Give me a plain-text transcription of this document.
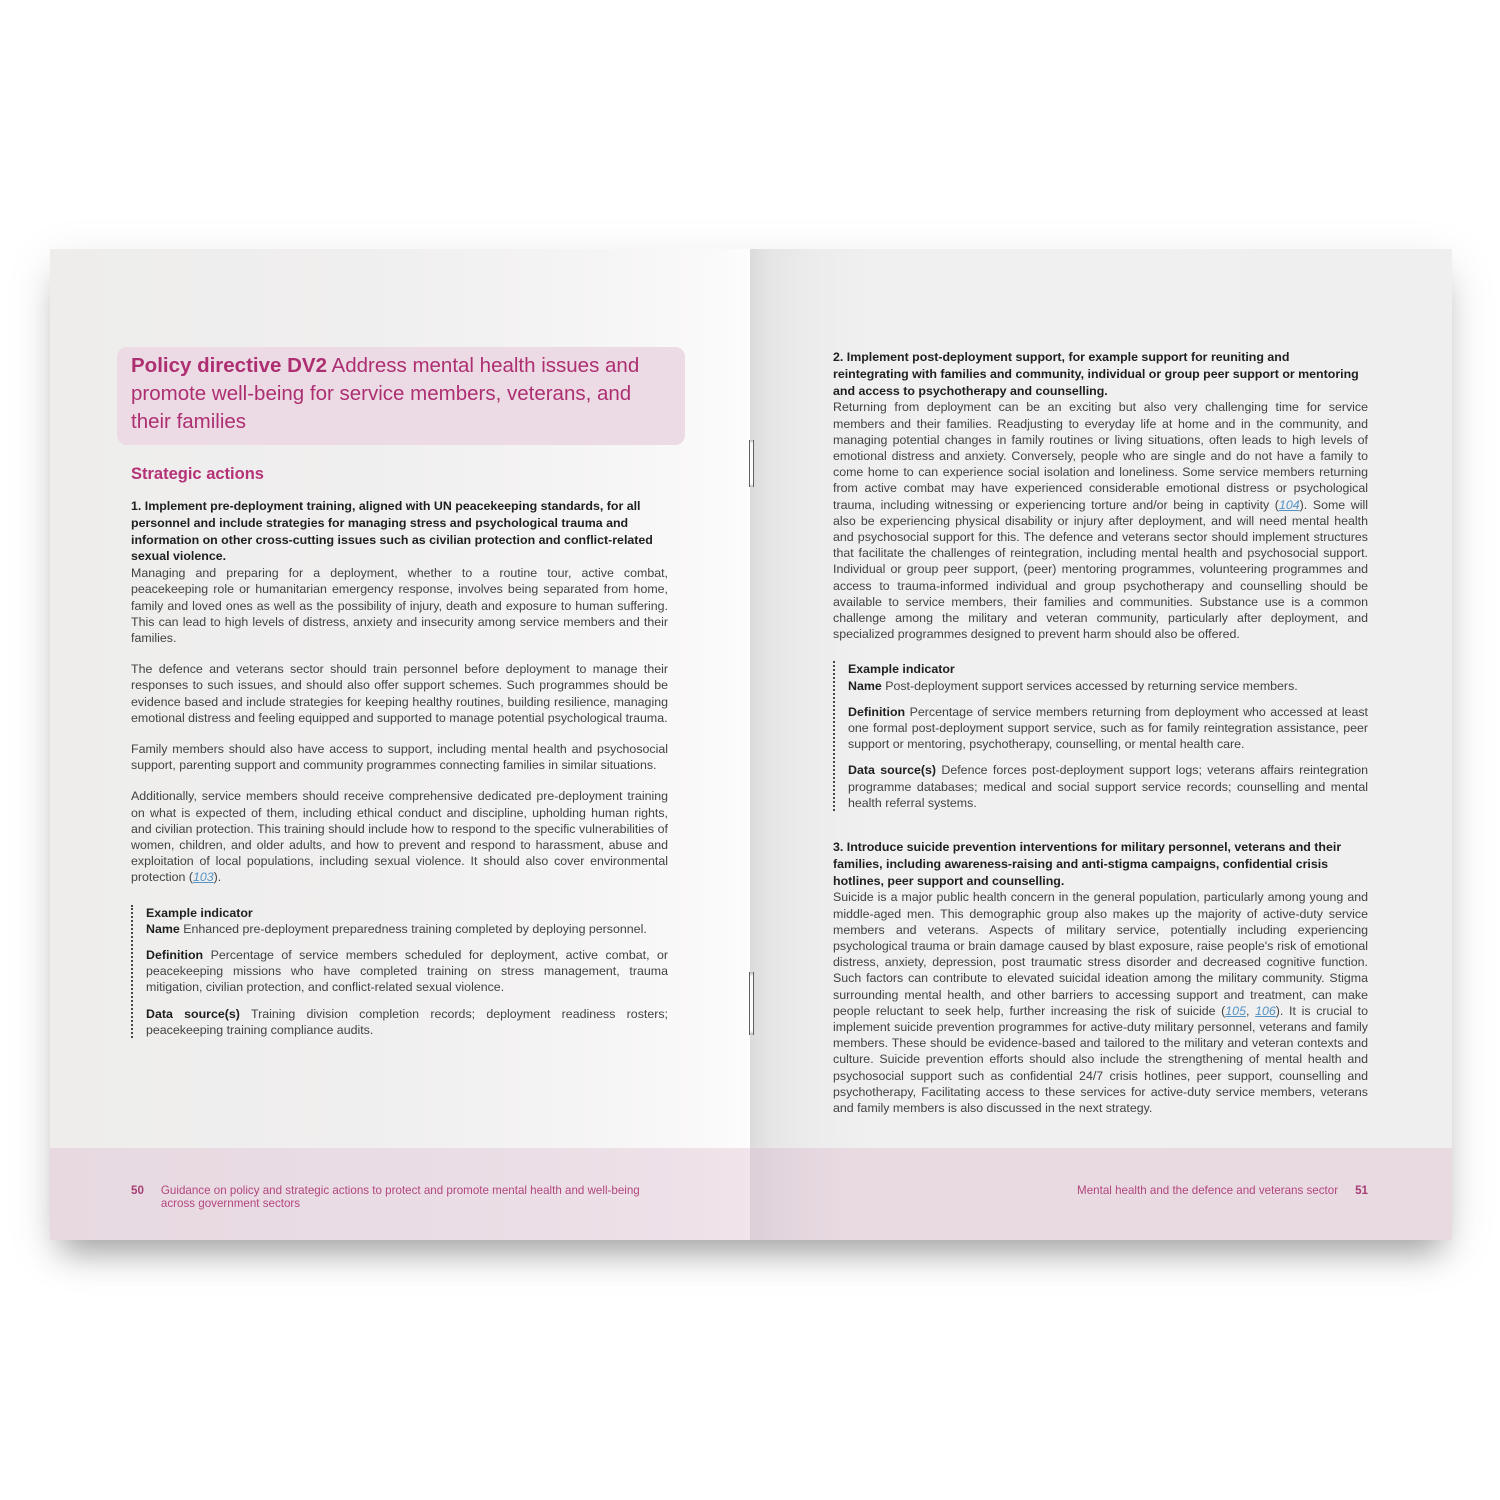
Policy directive DV2 Address mental health issues and promote well-being for service members, veterans, and their families

Strategic actions

1. Implement pre-deployment training, aligned with UN peacekeeping standards, for all personnel and include strategies for managing stress and psychological trauma and information on other cross-cutting issues such as civilian protection and conflict-related sexual violence.

Managing and preparing for a deployment, whether to a routine tour, active combat, peacekeeping role or humanitarian emergency response, involves being separated from home, family and loved ones as well as the possibility of injury, death and exposure to human suffering. This can lead to high levels of distress, anxiety and insecurity among service members and their families.

The defence and veterans sector should train personnel before deployment to manage their responses to such issues, and should also offer support schemes. Such programmes should be evidence based and include strategies for keeping healthy routines, building resilience, managing emotional distress and feeling equipped and supported to manage potential psychological trauma.

Family members should also have access to support, including mental health and psychosocial support, parenting support and community programmes connecting families in similar situations.

Additionally, service members should receive comprehensive dedicated pre-deployment training on what is expected of them, including ethical conduct and discipline, upholding human rights, and civilian protection. This training should include how to respond to the specific vulnerabilities of women, children, and older adults, and how to prevent and respond to harassment, abuse and exploitation of local populations, including sexual violence. It should also cover environmental protection (103).

Example indicator

Name Enhanced pre-deployment preparedness training completed by deploying personnel.

Definition Percentage of service members scheduled for deployment, active combat, or peacekeeping missions who have completed training on stress management, trauma mitigation, civilian protection, and conflict-related sexual violence.

Data source(s) Training division completion records; deployment readiness rosters; peacekeeping training compliance audits.

50 Guidance on policy and strategic actions to protect and promote mental health and well-being across government sectors

2. Implement post-deployment support, for example support for reuniting and reintegrating with families and community, individual or group peer support or mentoring and access to psychotherapy and counselling.

Returning from deployment can be an exciting but also very challenging time for service members and their families. Readjusting to everyday life at home and in the community, and managing potential changes in family routines or living situations, often leads to high levels of emotional distress and anxiety. Conversely, people who are single and do not have a family to come home to can experience social isolation and loneliness. Some service members returning from active combat may have experienced considerable emotional distress or psychological trauma, including witnessing or experiencing torture and/or being in captivity (104). Some will also be experiencing physical disability or injury after deployment, and will need mental health and psychosocial support for this. The defence and veterans sector should implement structures that facilitate the challenges of reintegration, including mental health and psychosocial support. Individual or group peer support, (peer) mentoring programmes, volunteering programmes and access to trauma-informed individual and group psychotherapy and counselling should be available to service members, their families and communities. Substance use is a common challenge among the military and veteran community, particularly after deployment, and specialized programmes designed to prevent harm should also be offered.

Example indicator

Name Post-deployment support services accessed by returning service members.

Definition Percentage of service members returning from deployment who accessed at least one formal post-deployment support service, such as for family reintegration assistance, peer support or mentoring, psychotherapy, counselling, or mental health care.

Data source(s) Defence forces post-deployment support logs; veterans affairs reintegration programme databases; medical and social support service records; counselling and mental health referral systems.

3. Introduce suicide prevention interventions for military personnel, veterans and their families, including awareness-raising and anti-stigma campaigns, confidential crisis hotlines, peer support and counselling.

Suicide is a major public health concern in the general population, particularly among young and middle-aged men. This demographic group also makes up the majority of active-duty service members and veterans. Aspects of military service, potentially including experiencing psychological trauma or brain damage caused by blast exposure, raise people's risk of emotional distress, anxiety, depression, post traumatic stress disorder and decreased cognitive function. Such factors can contribute to elevated suicidal ideation among the military community. Stigma surrounding mental health, and other barriers to accessing support and treatment, can make people reluctant to seek help, further increasing the risk of suicide (105, 106). It is crucial to implement suicide prevention programmes for active-duty military personnel, veterans and family members. These should be evidence-based and tailored to the military and veteran contexts and culture. Suicide prevention efforts should also include the strengthening of mental health and psychosocial support such as confidential 24/7 crisis hotlines, peer support, counselling and psychotherapy, Facilitating access to these services for active-duty service members, veterans and family members is also discussed in the next strategy.

Mental health and the defence and veterans sector 51
